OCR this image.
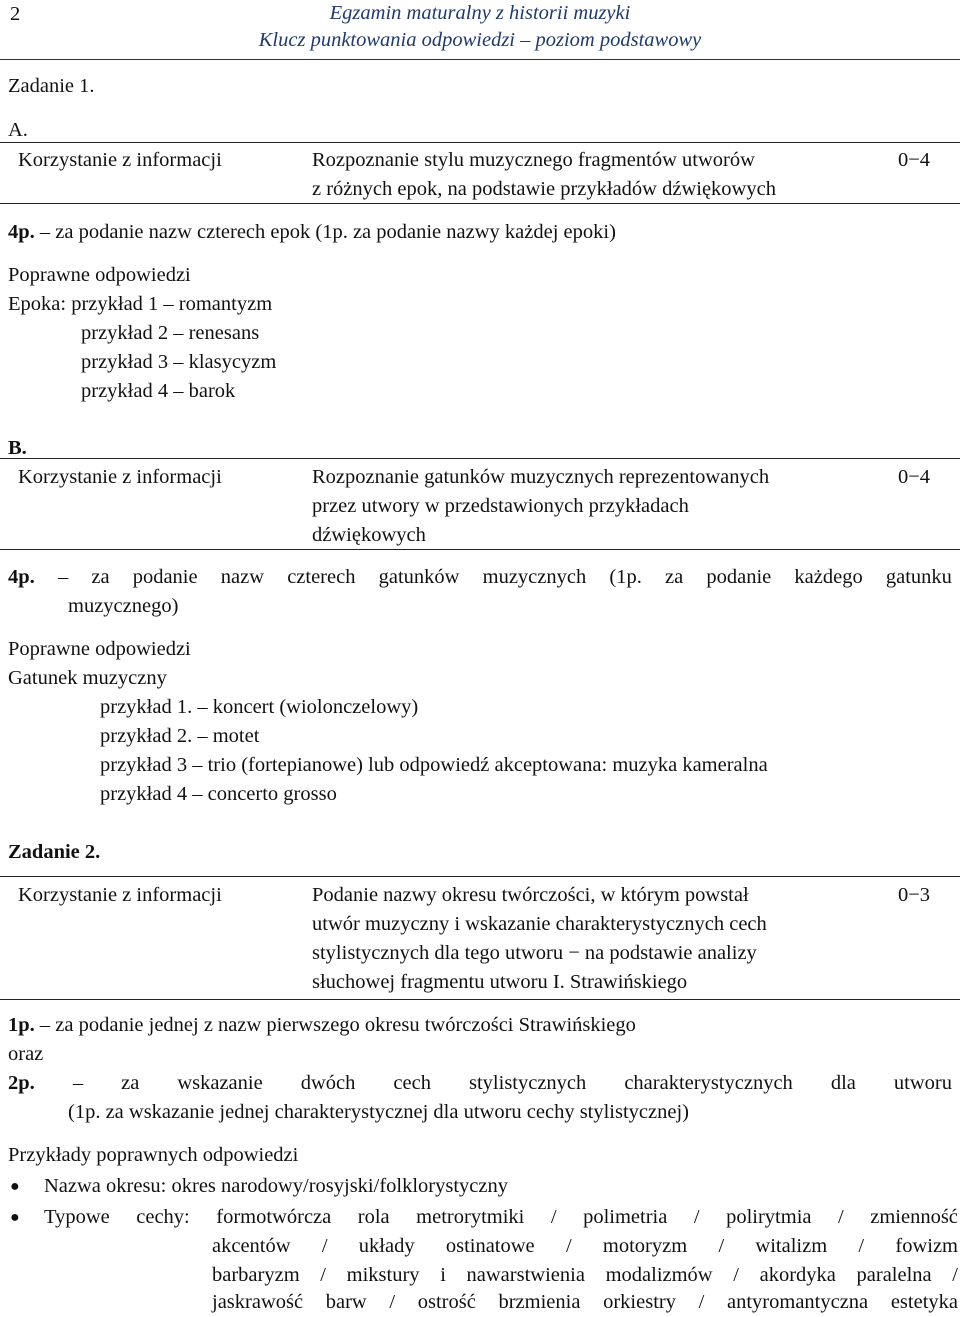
2	Egzamin maturalny z historii muzyki
Klucz punktowania odpowiedzi – poziom podstawowy
Zadanie 1.
A.
Korzystanie z informacji	Rozpoznanie stylu muzycznego fragmentów utworów
z różnych epok, na podstawie przykładów dźwiękowych
0−4
4p. – za podanie nazw czterech epok (1p. za podanie nazwy każdej epoki)
Poprawne odpowiedzi
Epoka: przykład 1 – romantyzm
przykład 2 – renesans
przykład 3 – klasycyzm
przykład 4 – barok
B.
Korzystanie z informacji	Rozpoznanie gatunków muzycznych reprezentowanych
przez utwory w przedstawionych przykładach
dźwiękowych
0−4
4p. – za podanie nazw czterech gatunków muzycznych (1p. za podanie każdego gatunku
muzycznego)
Poprawne odpowiedzi
Gatunek muzyczny
przykład 1. – koncert (wiolonczelowy)
przykład 2. – motet
przykład 3 – trio (fortepianowe) lub odpowiedź akceptowana: muzyka kameralna
przykład 4 – concerto grosso
Zadanie 2.
Korzystanie z informacji	Podanie nazwy okresu twórczości, w którym powstał
utwór muzyczny i wskazanie charakterystycznych cech
stylistycznych dla tego utworu − na podstawie analizy
słuchowej fragmentu utworu I. Strawińskiego
0−3
1p. – za podanie jednej z nazw pierwszego okresu twórczości Strawińskiego
oraz
2p. – za wskazanie dwóch cech stylistycznych charakterystycznych dla utworu
(1p. za wskazanie jednej charakterystycznej dla utworu cechy stylistycznej)
Przykłady poprawnych odpowiedzi
● Nazwa okresu: okres narodowy/rosyjski/folklorystyczny
● Typowe cechy: formotwórcza rola metrorytmiki / polimetria / polirytmia / zmienność
akcentów / układy ostinatowe / motoryzm / witalizm / fowizm
barbaryzm / mikstury i nawarstwienia modalizmów / akordyka paralelna /
jaskrawość barw / ostrość brzmienia orkiestry / antyromantyczna estetyka
